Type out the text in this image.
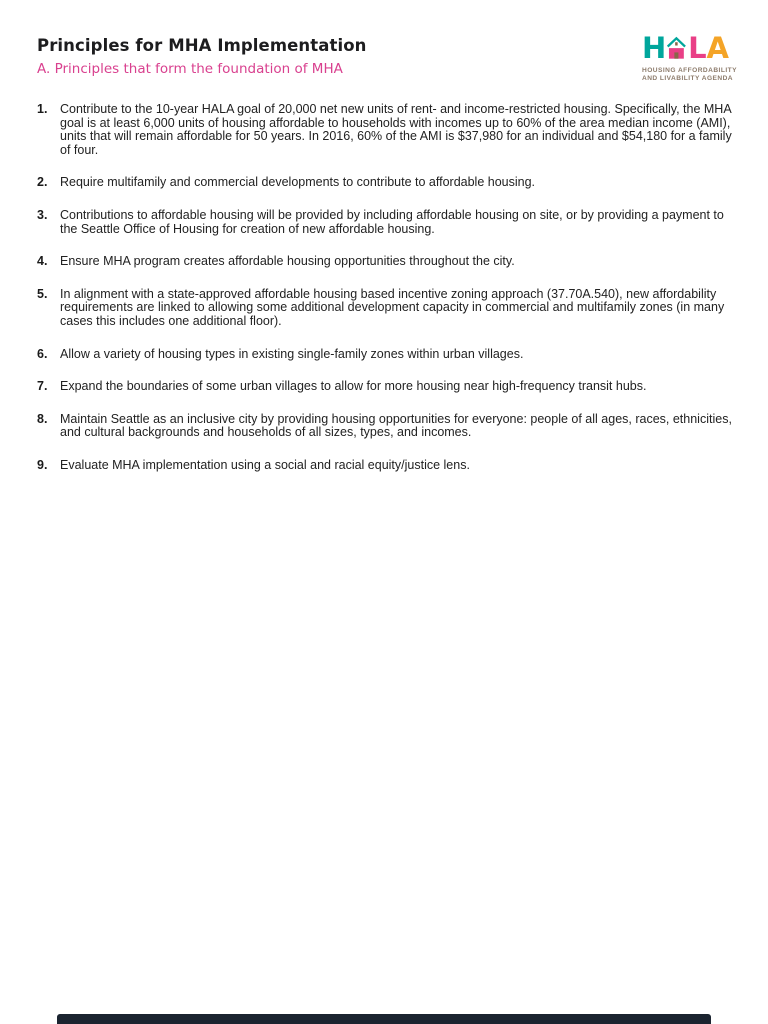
Principles for MHA Implementation
A. Principles that form the foundation of MHA
H L A
HOUSING AFFORDABILITY
AND LIVABILITY AGENDA
1.	Contribute to the 10-year HALA goal of 20,000 net new units of rent- and income-restricted housing. Specifically, the MHA goal is at least 6,000 units of housing affordable to households with incomes up to 60% of the area median income (AMI), units that will remain affordable for 50 years. In 2016, 60% of the AMI is $37,980 for an individual and $54,180 for a family of four.
2.	Require multifamily and commercial developments to contribute to affordable housing.
3.	Contributions to affordable housing will be provided by including affordable housing on site, or by providing a payment to the Seattle Office of Housing for creation of new affordable housing.
4.	Ensure MHA program creates affordable housing opportunities throughout the city.
5.	In alignment with a state-approved affordable housing based incentive zoning approach (37.70A.540), new affordability requirements are linked to allowing some additional development capacity in commercial and multifamily zones (in many cases this includes one additional floor).
6.	Allow a variety of housing types in existing single-family zones within urban villages.
7.	Expand the boundaries of some urban villages to allow for more housing near high-frequency transit hubs.
8.	Maintain Seattle as an inclusive city by providing housing opportunities for everyone: people of all ages, races, ethnicities, and cultural backgrounds and households of all sizes, types, and incomes.
9.	Evaluate MHA implementation using a social and racial equity/justice lens.
